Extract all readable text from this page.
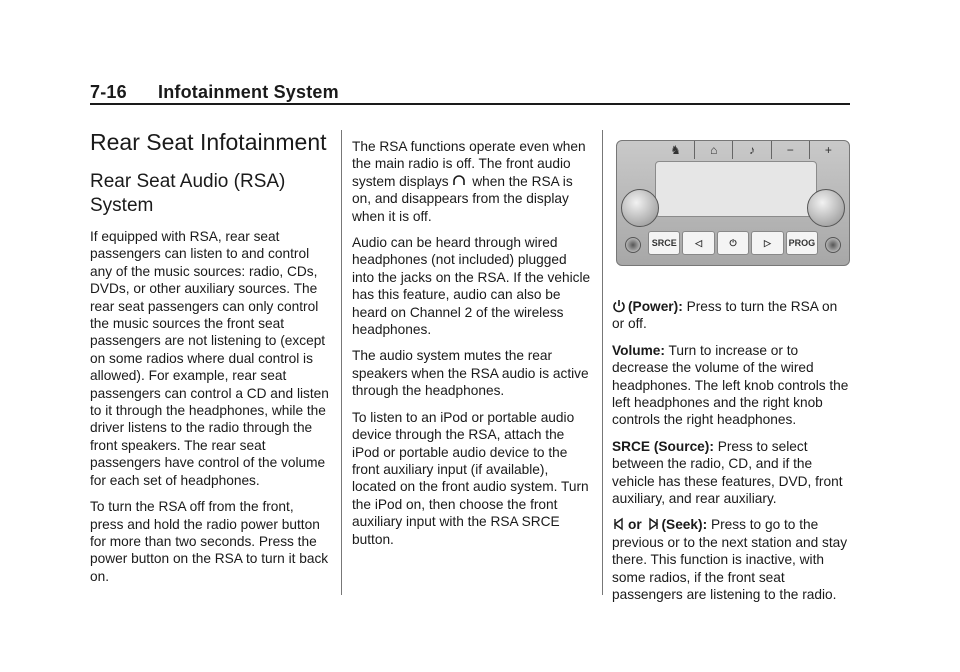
7-16 Infotainment System
Rear Seat Infotainment
Rear Seat Audio (RSA) System

If equipped with RSA, rear seat passengers can listen to and control any of the music sources: radio, CDs, DVDs, or other auxiliary sources. The rear seat passengers can only control the music sources the front seat passengers are not listening to (except on some radios where dual control is allowed). For example, rear seat passengers can control a CD and listen to it through the headphones, while the driver listens to the radio through the front speakers. The rear seat passengers have control of the volume for each set of headphones.

To turn the RSA off from the front, press and hold the radio power button for more than two seconds. Press the power button on the RSA to turn it back on.

The RSA functions operate even when the main radio is off. The front audio system displays when the RSA is on, and disappears from the display when it is off.

Audio can be heard through wired headphones (not included) plugged into the jacks on the RSA. If the vehicle has this feature, audio can also be heard on Channel 2 of the wireless headphones.

The audio system mutes the rear speakers when the RSA audio is active through the headphones.

To listen to an iPod or portable audio device through the RSA, attach the iPod or portable audio device to the front auxiliary input (if available), located on the front audio system. Turn the iPod on, then choose the front auxiliary input with the RSA SRCE button.

♞	⌂	♪	−	+
SRCE	◁	⏻	▷	PROG

(Power): Press to turn the RSA on or off.

Volume: Turn to increase or to decrease the volume of the wired headphones. The left knob controls the left headphones and the right knob controls the right headphones.

SRCE (Source): Press to select between the radio, CD, and if the vehicle has these features, DVD, front auxiliary, and rear auxiliary.

or (Seek): Press to go to the previous or to the next station and stay there. This function is inactive, with some radios, if the front seat passengers are listening to the radio.
